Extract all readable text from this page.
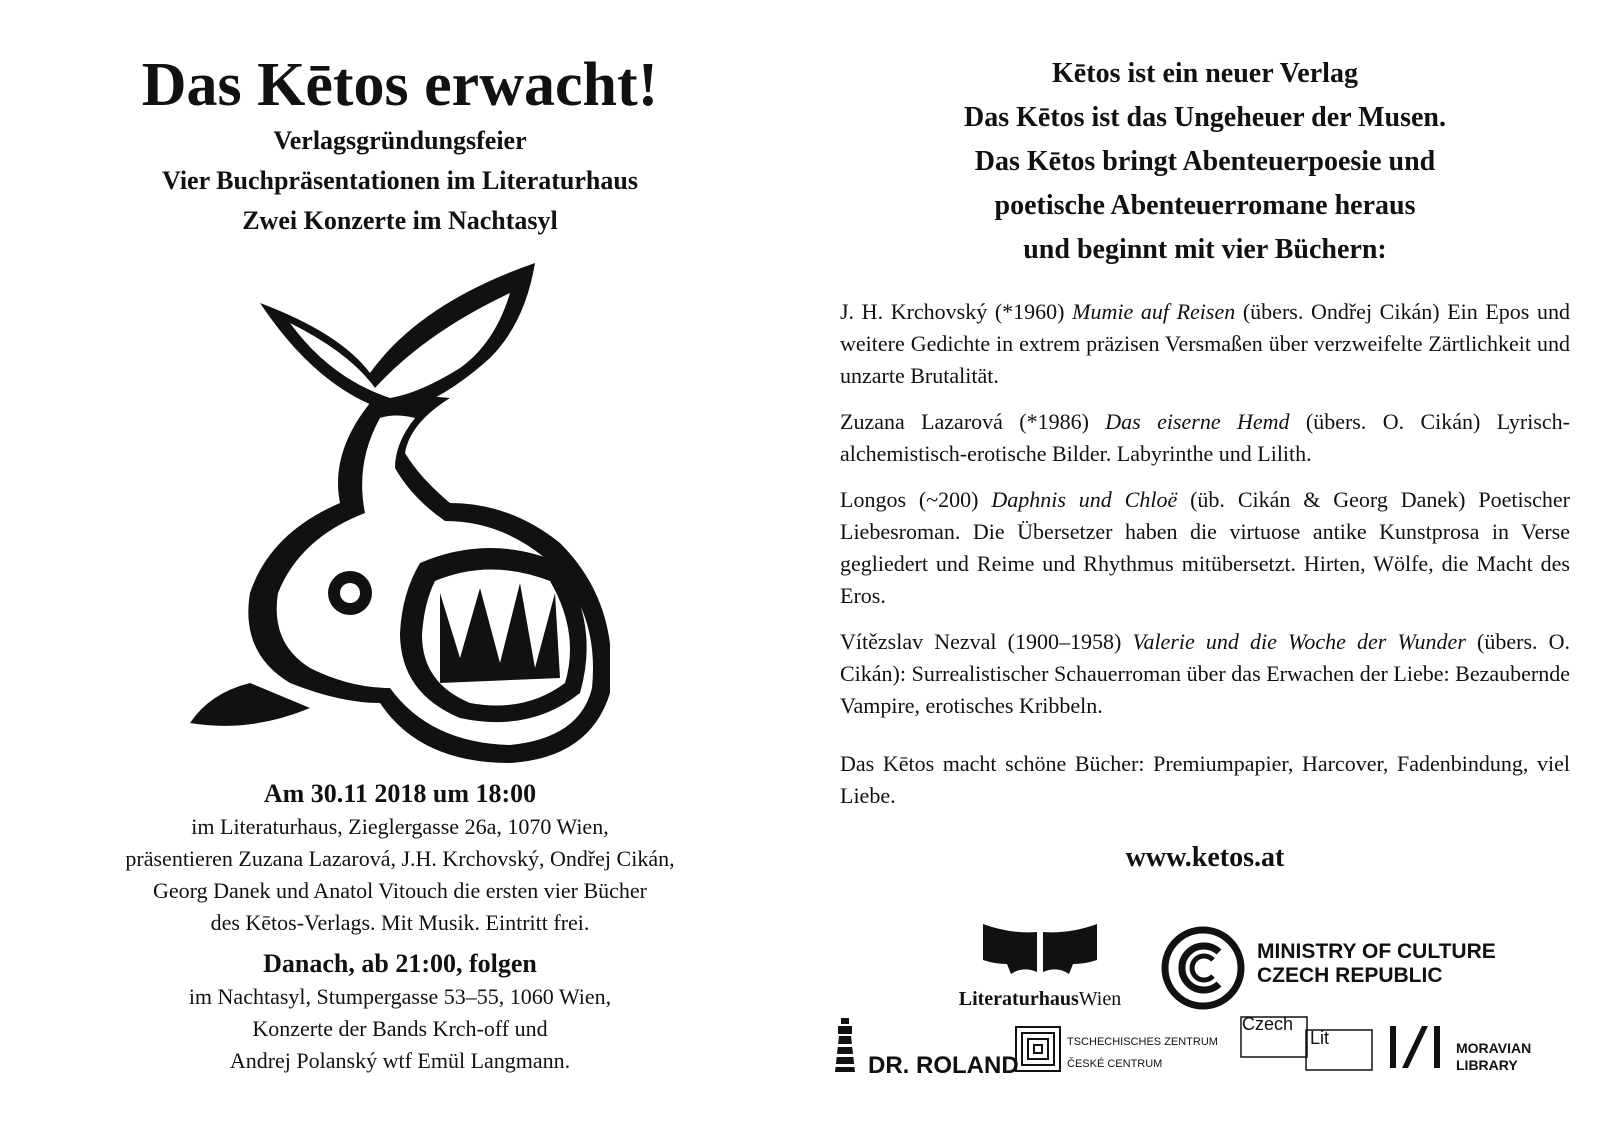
Das Kētos erwacht!

Verlagsgründungsfeier

Vier Buchpräsentationen im Literaturhaus

Zwei Konzerte im Nachtasyl

Am 30.11 2018 um 18:00

im Literaturhaus, Zieglergasse 26a, 1070 Wien,

präsentieren Zuzana Lazarová, J.H. Krchovský, Ondřej Cikán,

Georg Danek und Anatol Vitouch die ersten vier Bücher

des Kētos-Verlags. Mit Musik. Eintritt frei.

Danach, ab 21:00, folgen

im Nachtasyl, Stumpergasse 53–55, 1060 Wien,

Konzerte der Bands Krch-off und

Andrej Polanský wtf Emül Langmann.

Kētos ist ein neuer Verlag

Das Kētos ist das Ungeheuer der Musen.

Das Kētos bringt Abenteuerpoesie und

poetische Abenteuerromane heraus

und beginnt mit vier Büchern:

J. H. Krchovský (*1960) Mumie auf Reisen (übers. Ondřej Cikán) Ein Epos und weitere Gedichte in extrem präzisen Versmaßen über verzweifelte Zärtlichkeit und unzarte Brutalität.

Zuzana Lazarová (*1986) Das eiserne Hemd (übers. O. Cikán) Lyrisch-alchemistisch-erotische Bilder. Labyrinthe und Lilith.

Longos (~200) Daphnis und Chloë (üb. Cikán & Georg Danek) Poetischer Liebesroman. Die Übersetzer haben die virtuose antike Kunstprosa in Verse gegliedert und Reime und Rhythmus mitübersetzt. Hirten, Wölfe, die Macht des Eros.

Vítězslav Nezval (1900–1958) Valerie und die Woche der Wunder (übers. O. Cikán): Surrealistischer Schauerroman über das Erwachen der Liebe: Bezaubernde Vampire, erotisches Kribbeln.

Das Kētos macht schöne Bücher: Premiumpapier, Harcover, Fadenbindung, viel Liebe.

www.ketos.at

LiteraturhausWien
MINISTRY OF CULTURE
CZECH REPUBLIC
DR. ROLAND
TSCHECHISCHES ZENTRUM
ČESKÉ CENTRUM
Czech
Lit	MORAVIAN
LIBRARY
